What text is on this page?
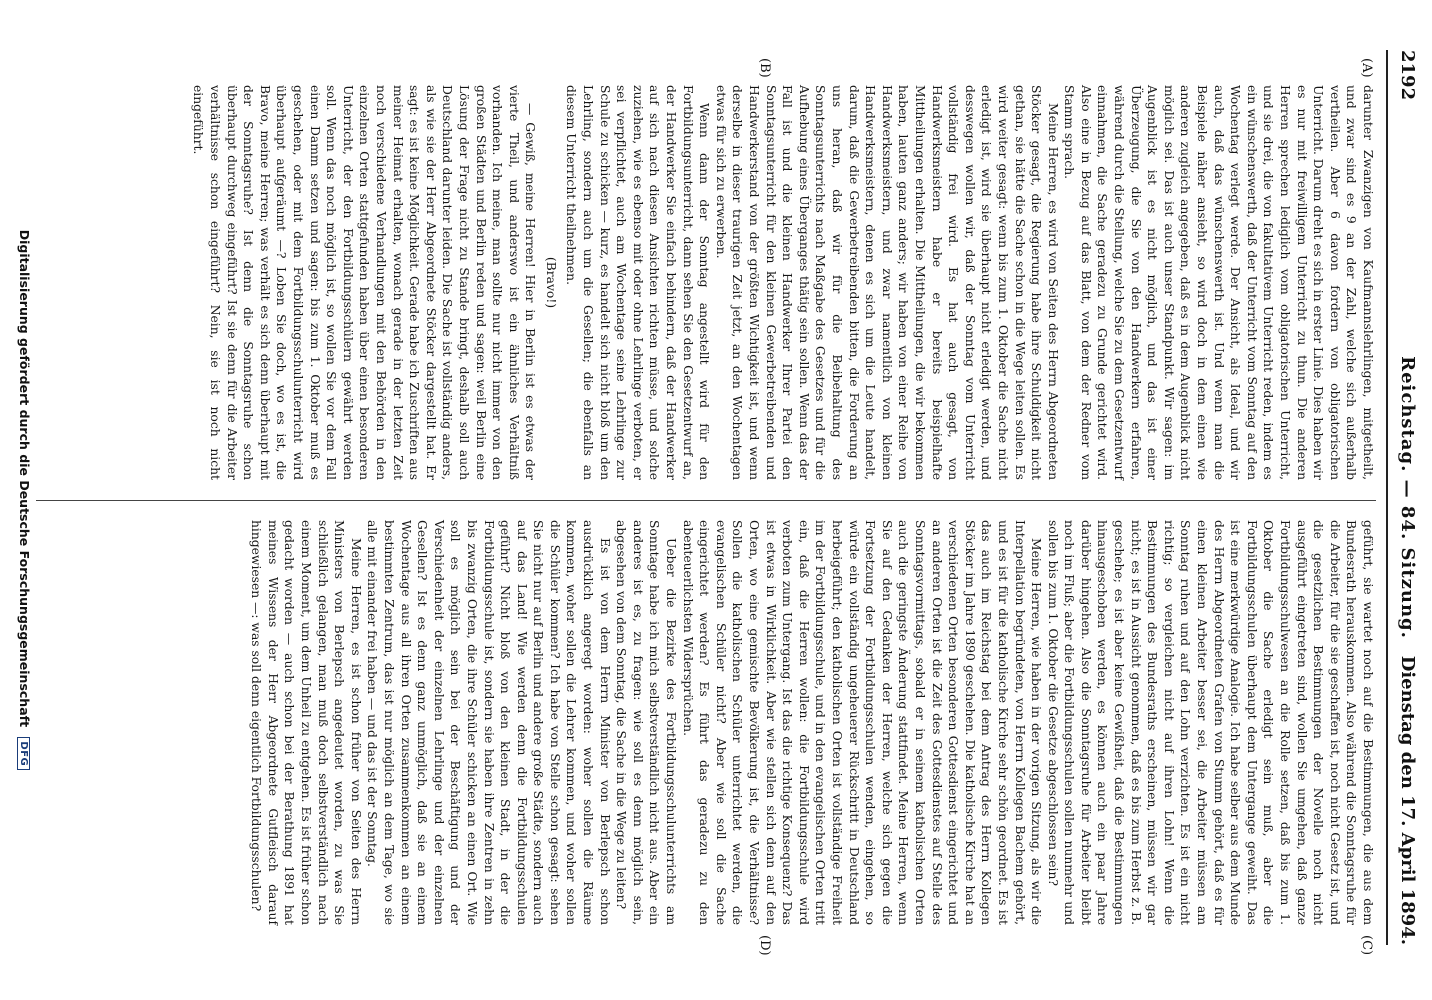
2192
Reichstag. — 84. Sitzung.
Dienstag den 17. April 1894.
(A)
(B)
(C)
(D)

darunter Zwanzigen von Kaufmannslehrlingen, mitgetheilt, und zwar sind es 9 an der Zahl, welche sich außerhalb vertheilen. Aber 6 davon fordern von obligatorischen Unterricht. Darum dreht es sich in erster Linie. Dies haben wir es nur mit freiwilligem Unterricht zu thun. Die anderen Herren sprechen lediglich vom obligatorischen Unterricht, und sie drei, die von fakultativem Unterricht reden, indem es ein wünschenswerth, daß der Unterricht vom Sonntag auf den Wochentag verlegt werde. Der Ansicht, als Ideal, und wir auch, daß das wünschenswerth ist. Und wenn man die Beispiele näher ansieht, so wird doch in dem einen wie anderen zugleich angegeben, daß es in dem Augenblick nicht möglich sei. Das ist auch unser Standpunkt. Wir sagen: im Augenblick ist es nicht möglich, und das ist einer Überzeugung, die Sie von den Handwerkern erfahren, während durch die Stellung, welche Sie zu dem Gesetzentwurf einnahmen, die Sache geradezu zu Grunde gerichtet wird. Also eine in Bezug auf das Blatt, von dem der Redner vom Stamm sprach.

Meine Herren, es wird von Seiten des Herrn Abgeordneten Stöcker gesagt, die Regierung habe ihre Schuldigkeit nicht gethan, sie hätte die Sache schon in die Wege leiten sollen. Es wird weiter gesagt: wenn bis zum 1. Oktober die Sache nicht erledigt ist, wird sie überhaupt nicht erledigt werden, und desswegen wollen wir, daß der Sonntag vom Unterricht vollständig frei wird. Es hat auch gesagt, von Handwerksmeistern habe er bereits beispielhafte Mittheilungen erhalten. Die Mittheilungen, die wir bekommen haben, lauten ganz anders; wir haben von einer Reihe von Handwerksmeistern, und zwar namentlich von kleinen Handwerksmeistern, denen es sich um die Leute handelt, darum, daß die Gewerbetreibenden bitten, die Forderung an uns heran, daß wir für die Beibehaltung des Sonntagsunterrichts nach Maßgabe des Gesetzes und für die Aufhebung eines Überganges thätig sein sollen. Wenn das der Fall ist und die kleinen Handwerker Ihrer Partei den Sonntagsunterricht für den kleinen Gewerbetreibenden und Handwerkerstand von der größten Wichtigkeit ist, und wenn derselbe in dieser traurigen Zeit jetzt, an den Wochentagen etwas für sich zu erwerben.

Wenn dann der Sonntag angestellt wird für den Fortbildungsunterricht, dann sehen Sie den Gesetzentwurf an, der Handwerker Sie einfach behindern, daß der Handwerker auf sich nach diesen Ansichten richten müsse, und solche zuziehen, wie es ebenso mit oder ohne Lehrlinge verboten, er sei verpflichtet, auch am Wochentage seine Lehrlinge zur Schule zu schicken — kurz, es handelt sich nicht bloß um den Lehrling, sondern auch um die Gesellen; die ebenfalls an diesem Unterricht theilnehmen.

(Bravo!)

— Gewiß, meine Herren! Hier in Berlin ist es etwas der vierte Theil, und anderswo ist ein ähnliches Verhältniß vorhanden. Ich meine, man sollte nur nicht immer von den großen Städten und Berlin reden und sagen: weil Berlin eine Lösung der Frage nicht zu Stande bringt, deshalb soll auch Deutschland darunter leiden. Die Sache ist vollständig anders, als wie sie der Herr Abgeordnete Stöcker dargestellt hat. Er sagt: es ist keine Möglichkeit. Gerade habe ich Zuschriften aus meiner Heimat erhalten, wonach gerade in der letzten Zeit noch verschiedene Verhandlungen mit den Behörden in den einzelnen Orten stattgefunden haben über einen besonderen Unterricht, der den Fortbildungsschülern gewährt werden soll. Wenn das noch möglich ist, so wollen Sie vor dem Fall einen Damm setzen und sagen: bis zum 1. Oktober muß es geschehen, oder mit dem Fortbildungsschulunterricht wird überhaupt aufgeräumt —? Loben Sie doch, wo es ist, die Bravo, meine Herren; was verhält es sich denn überhaupt mit der Sonntagsruhe? Ist denn die Sonntagsruhe schon überhaupt durchweg eingeführt? Ist sie denn für die Arbeiter verhältnisse schon eingeführt? Nein, sie ist noch nicht eingeführt.

geführt, sie wartet noch auf die Bestimmungen, die aus dem Bundesrath herauskommen. Also während die Sonntagsruhe für die Arbeiter, für die sie geschaffen ist, noch nicht Gesetz ist, und die gesetzlichen Bestimmungen der Novelle noch nicht ausgeführt eingetreten sind, wollen Sie umgehen, daß ganze Fortbildungsschulwesen an die Rolle setzen, daß bis zum 1. Oktober die Sache erledigt sein muß, aber die Fortbildungsschulen überhaupt dem Untergange geweiht. Das ist eine merkwürdige Analogie. Ich habe selber aus dem Munde des Herrn Abgeordneten Grafen von Stumm gehört, daß es für einen kleinen Arbeiter besser sei, die Arbeiter müssen am Sonntag ruhen und auf den Lohn verzichten. Es ist ein nicht richtig; so vergleichen nicht auf ihren Lohn! Wenn die Bestimmungen des Bundesraths erscheinen, müssen wir gar nicht; es ist in Aussicht genommen, daß es bis zum Herbst z. B. geschehe; es ist aber keine Gewißheit, daß die Bestimmungen hinausgeschoben werden, es können auch ein paar Jahre darüber hingehen. Also die Sonntagsruhe für Arbeiter bleibt noch im Fluß; aber die Fortbildungsschulen sollen nunmehr und sollen bis zum 1. Oktober die Gesetze abgeschlossen sein?

Meine Herren, wie haben in der vorigen Sitzung, als wir die Interpellation begründeten, von Herrn Kollegen Bachem gehört, und es ist für die katholische Kirche sehr schön geordnet. Es ist das auch im Reichstag bei dem Antrag des Herrn Kollegen Stöcker im Jahre 1890 geschehen. Die katholische Kirche hat an verschiedenen Orten besonderen Gottesdienst eingerichtet und an anderen Orten ist die Zeit des Gottesdienstes auf Stelle des Sonntagsvormittags, sobald er in seinem katholischen Orten auch die geringste Änderung stattfindet. Meine Herren, wenn Sie auf den Gedanken der Herren, welche sich gegen die Fortsetzung der Fortbildungsschulen wenden, eingehen, so würde ein vollständig ungeheuerer Rückschritt in Deutschland herbeigeführt; den katholischen Orten ist vollständige Freiheit im der Fortbildungsschule, und in den evangelischen Orten tritt ein, daß die Herren wollen: die Fortbildungsschule wird verboten zum Untergang. Ist das die richtige Konsequenz? Das ist etwas in Wirklichkeit. Aber wie stellen sich denn auf den Orten, wo eine gemischte Bevölkerung ist, die Verhältnisse? Sollen die katholischen Schüler unterrichtet werden, die evangelischen Schüler nicht? Aber wie soll die Sache eingerichtet werden? Es führt das geradezu zu den abenteuerlichsten Widersprüchen.

Ueber die Bezirke des Fortbildungsschulunterrichts am Sonntage habe ich mich selbstverständlich nicht aus. Aber ein anderes ist es, zu fragen: wie soll es denn möglich sein, abgesehen von dem Sonntag, die Sache in die Wege zu leiten?

Es ist von dem Herrn Minister von Berlepsch schon ausdrücklich angeregt worden: woher sollen die Räume kommen, woher sollen die Lehrer kommen, und woher sollen die Schüler kommen? Ich habe von Stelle schon gesagt: sehen Sie nicht nur auf Berlin und andere große Städte, sondern auch auf das Land! Wie werden denn die Fortbildungsschulen geführt? Nicht bloß von den kleinen Stadt, in der die Fortbildungsschule ist, sondern sie haben ihre Zentren in zehn bis zwanzig Orten, die ihre Schüler schicken an einen Ort. Wie soll es möglich sein bei der Beschäftigung und der Verschiedenheit der einzelnen Lehrlinge und der einzelnen Gesellen? Ist es denn ganz unmöglich, daß sie an einem Wochentage aus all ihren Orten zusammenkommen an einem bestimmten Zentrum, das ist nur möglich an dem Tage, wo sie alle mit einander frei haben — und das ist der Sonntag.

Meine Herren, es ist schon früher von Seiten des Herrn Ministers von Berlepsch angedeutet worden, zu was Sie schließlich gelangen, man muß doch selbstverständlich nach einem Moment, um dem Unheil zu entgehen. Es ist früher schon gedacht worden — auch schon bei der Berathung 1891 hat meines Wissens der Herr Abgeordnete Gutfleisch darauf hingewiesen —: was soll denn eigentlich Fortbildungsschulen?

Digitalisierung gefördert durch die Deutsche Forschungsgemeinschaft DFG
